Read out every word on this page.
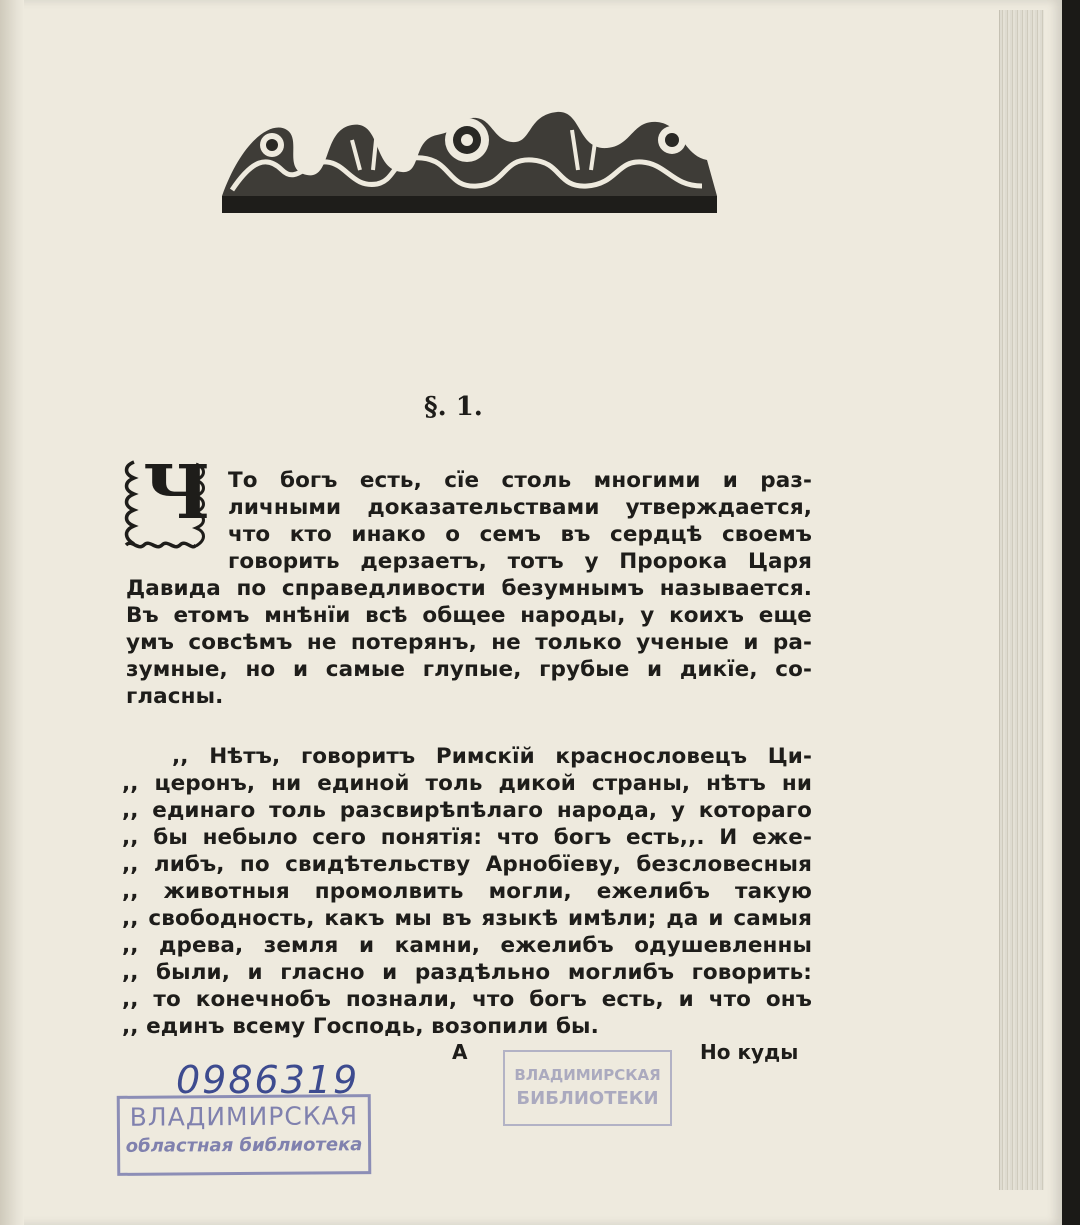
§. 1.
Ч То богъ есть, сїе столь многими и раз-
личными доказательствами утверждается,
что кто инако о семъ въ сердцѣ своемъ
говорить дерзаетъ, тотъ у Пророка Царя
Давида по справедливости безумнымъ называется.
Въ етомъ мнѣнїи всѣ общеe народы, у коихъ еще
умъ совсѣмъ не потерянъ, не только ученые и ра-
зумные, но и самые глупые, грубые и дикїе, со-
гласны.
,, Нѣтъ, говоритъ Римскїй краснословецъ Ци-
,, цeронъ, ни единой толь дикой страны, нѣтъ ни
,, единаго толь разсвирѣпѣлаго народа, у котораго
,, бы небыло сего понятїя: что богъ есть,,. И еже-
,, либъ, по свидѣтельству Арнобїеву, безсловесныя
,, животныя промолвить могли, ежелибъ такую
,, свободность, какъ мы въ языкѣ имѣли; да и самыя
,, древа, земля и камни, ежелибъ одушевленны
,, были, и гласно и раздѣльно моглибъ говорить:
,, то конечнобъ познали, что богъ есть, и что онъ
,, единъ всему Господь, возопили бы.
А	Но куды
0986319
ВЛАДИМИРСКАЯ
областная библиотека
ВЛАДИМИРСКАЯ
БИБЛИОТЕКИ
